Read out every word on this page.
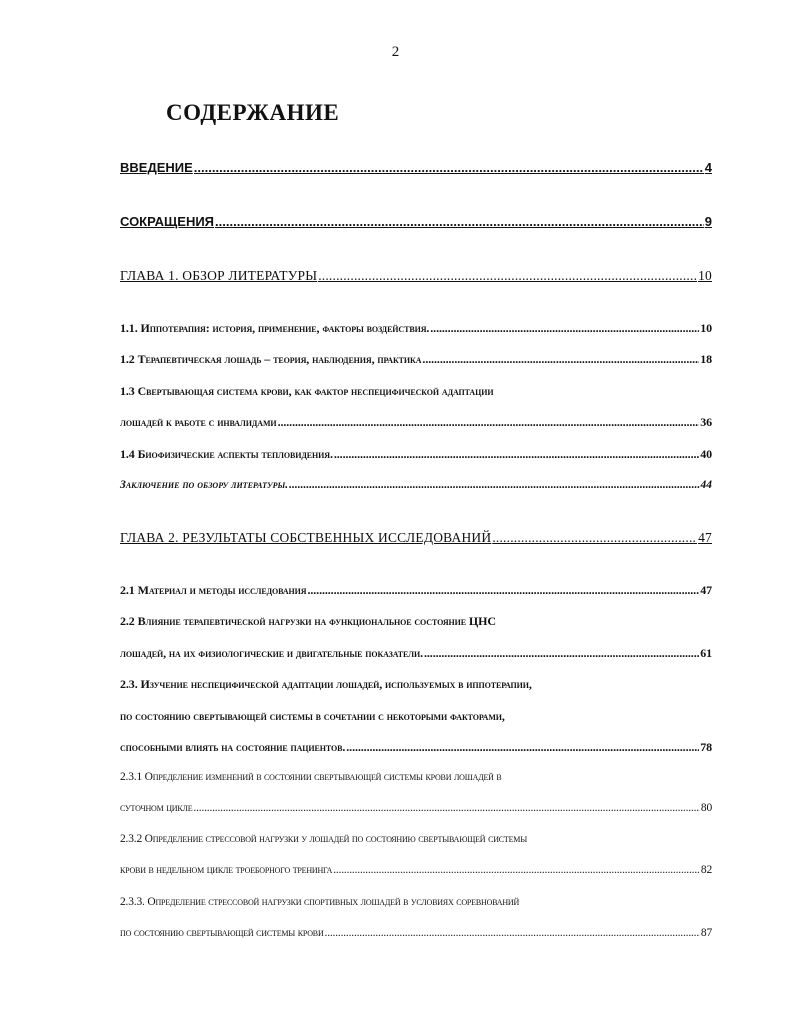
2
СОДЕРЖАНИЕ
ВВЕДЕНИЕ .....	4
СОКРАЩЕНИЯ .....	9
ГЛАВА 1. ОБЗОР ЛИТЕРАТУРЫ .....	10
1.1. Иппотерапия: история, применение, факторы воздействия. .....	10
1.2 Терапевтическая лошадь – теория, наблюдения, практика .....	18
1.3 Свертывающая система крови, как фактор неспецифической адаптации
лошадей к работе с инвалидами .....	36
1.4 Биофизические аспекты тепловидения. .....	40
Заключение по обзору литературы. .....	44
ГЛАВА 2. РЕЗУЛЬТАТЫ СОБСТВЕННЫХ ИССЛЕДОВАНИЙ .....	47
2.1 Материал и методы исследования .....	47
2.2 Влияние терапевтической нагрузки на функциональное состояние ЦНС
лошадей, на их физиологические и двигательные показатели. .....	61
2.3. Изучение неспецифической адаптации лошадей, используемых в иппотерапии,
по состоянию свертывающей системы в сочетании с некоторыми факторами,
способными влиять на состояние пациентов. .....	78
2.3.1 Определение изменений в состоянии свертывающей системы крови лошадей в
суточном цикле .....	80
2.3.2 Определение стрессовой нагрузки у лошадей по состоянию свертывающей системы
крови в недельном цикле троеборного тренинга .....	82
2.3.3. Определение стрессовой нагрузки спортивных лошадей в условиях соревнований
по состоянию свертывающей системы крови .....	87
